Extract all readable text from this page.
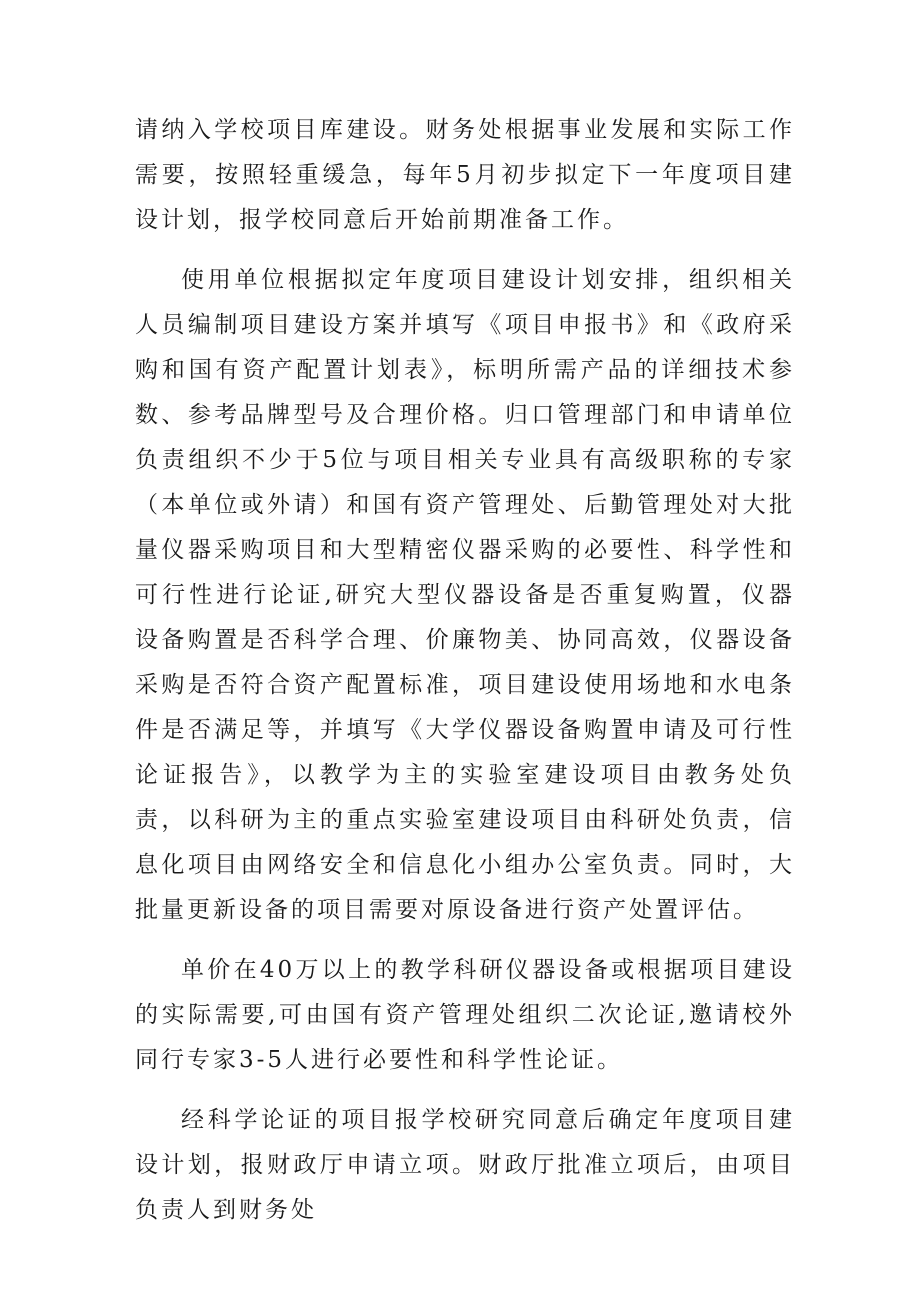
请纳入学校项目库建设。财务处根据事业发展和实际工作需要，按照轻重缓急，每年5月初步拟定下一年度项目建设计划，报学校同意后开始前期准备工作。

使用单位根据拟定年度项目建设计划安排，组织相关人员编制项目建设方案并填写《项目申报书》和《政府采购和国有资产配置计划表》，标明所需产品的详细技术参数、参考品牌型号及合理价格。归口管理部门和申请单位负责组织不少于5位与项目相关专业具有高级职称的专家（本单位或外请）和国有资产管理处、后勤管理处对大批量仪器采购项目和大型精密仪器采购的必要性、科学性和可行性进行论证,研究大型仪器设备是否重复购置，仪器设备购置是否科学合理、价廉物美、协同高效，仪器设备采购是否符合资产配置标准，项目建设使用场地和水电条件是否满足等，并填写《大学仪器设备购置申请及可行性论证报告》，以教学为主的实验室建设项目由教务处负责，以科研为主的重点实验室建设项目由科研处负责，信息化项目由网络安全和信息化小组办公室负责。同时，大批量更新设备的项目需要对原设备进行资产处置评估。

单价在40万以上的教学科研仪器设备或根据项目建设的实际需要,可由国有资产管理处组织二次论证,邀请校外同行专家3-5人进行必要性和科学性论证。

经科学论证的项目报学校研究同意后确定年度项目建设计划，报财政厅申请立项。财政厅批准立项后，由项目负责人到财务处
